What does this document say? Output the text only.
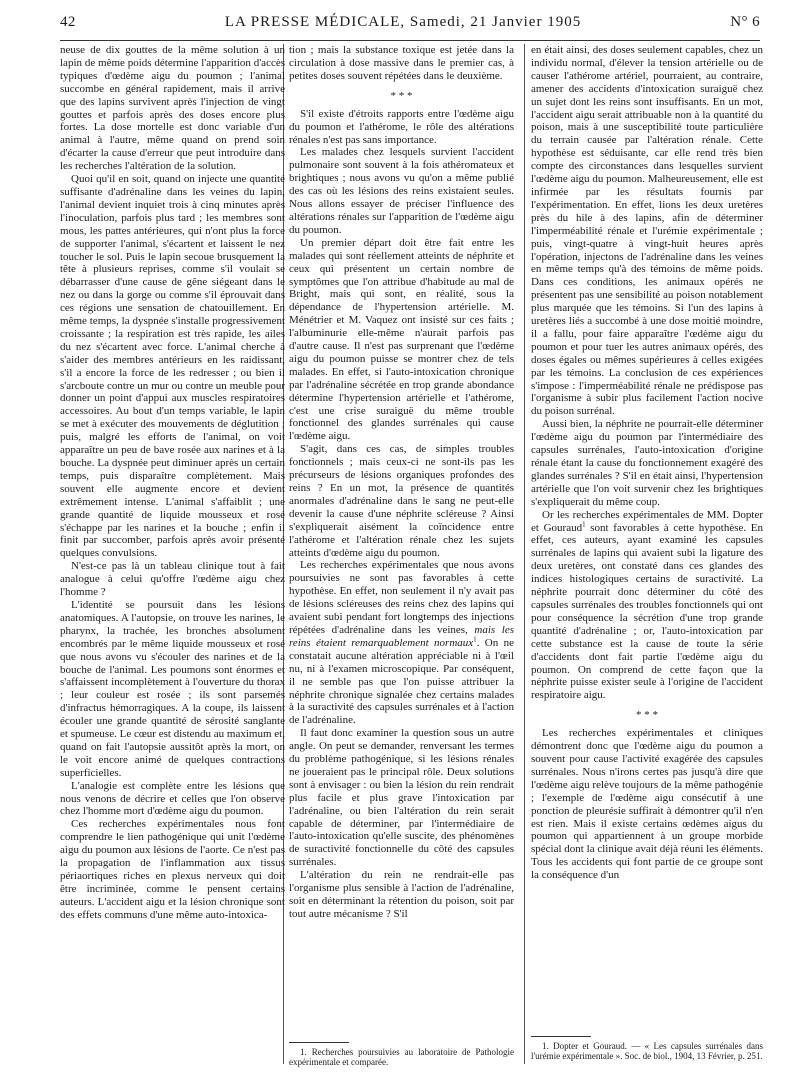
42	LA PRESSE MÉDICALE, Samedi, 21 Janvier 1905	N° 6

neuse de dix gouttes de la même solution à un lapin de même poids détermine l'apparition d'accès typiques d'œdème aigu du poumon ; l'animal succombe en général rapidement, mais il arrive que des lapins survivent après l'injection de vingt gouttes et parfois après des doses encore plus fortes. La dose mortelle est donc variable d'un animal à l'autre, même quand on prend soin d'écarter la cause d'erreur que peut introduire dans les recherches l'altération de la solution.

Quoi qu'il en soit, quand on injecte une quantité suffisante d'adrénaline dans les veines du lapin, l'animal devient inquiet trois à cinq minutes après l'inoculation, parfois plus tard ; les membres sont mous, les pattes antérieures, qui n'ont plus la force de supporter l'animal, s'écartent et laissent le nez toucher le sol. Puis le lapin secoue brusquement la tête à plusieurs reprises, comme s'il voulait se débarrasser d'une cause de gêne siégeant dans le nez ou dans la gorge ou comme s'il éprouvait dans ces régions une sensation de chatouillement. En même temps, la dyspnée s'installe progressivement croissante ; la respiration est très rapide, les ailes du nez s'écartent avec force. L'animal cherche à s'aider des membres antérieurs en les raidissant, s'il a encore la force de les redresser ; ou bien il s'arcboute contre un mur ou contre un meuble pour donner un point d'appui aux muscles respiratoires accessoires. Au bout d'un temps variable, le lapin se met à exécuter des mouvements de déglutition ; puis, malgré les efforts de l'animal, on voit apparaître un peu de bave rosée aux narines et à la bouche. La dyspnée peut diminuer après un certain temps, puis disparaître complètement. Mais souvent elle augmente encore et devient extrêmement intense. L'animal s'affaiblit ; une grande quantité de liquide mousseux et rosé s'échappe par les narines et la bouche ; enfin il finit par succomber, parfois après avoir présenté quelques convulsions.

N'est-ce pas là un tableau clinique tout à fait analogue à celui qu'offre l'œdème aigu chez l'homme ?

L'identité se poursuit dans les lésions anatomiques. A l'autopsie, on trouve les narines, le pharynx, la trachée, les bronches absolument encombrés par le même liquide mousseux et rosé que nous avons vu s'écouler des narines et de la bouche de l'animal. Les poumons sont énormes et s'affaissent incomplètement à l'ouverture du thorax ; leur couleur est rosée ; ils sont parsemés d'infractus hémorragiques. A la coupe, ils laissent écouler une grande quantité de sérosité sanglante et spumeuse. Le cœur est distendu au maximum et, quand on fait l'autopsie aussitôt après la mort, on le voit encore animé de quelques contractions superficielles.

L'analogie est complète entre les lésions que nous venons de décrire et celles que l'on observe chez l'homme mort d'œdème aigu du poumon.

Ces recherches expérimentales nous font comprendre le lien pathogénique qui unit l'œdème aigu du poumon aux lésions de l'aorte. Ce n'est pas la propagation de l'inflammation aux tissus périaortiques riches en plexus nerveux qui doit être incriminée, comme le pensent certains auteurs. L'accident aigu et la lésion chronique sont des effets communs d'une même auto-intoxica-

tion ; mais la substance toxique est jetée dans la circulation à dose massive dans le premier cas, à petites doses souvent répétées dans le deuxième.

* * *

S'il existe d'étroits rapports entre l'œdème aigu du poumon et l'athérome, le rôle des altérations rénales n'est pas sans importance.

Les malades chez lesquels survient l'accident pulmonaire sont souvent à la fois athéromateux et brightiques ; nous avons vu qu'on a même publié des cas où les lésions des reins existaient seules. Nous allons essayer de préciser l'influence des altérations rénales sur l'apparition de l'œdème aigu du poumon.

Un premier départ doit être fait entre les malades qui sont réellement atteints de néphrite et ceux qui présentent un certain nombre de symptômes que l'on attribue d'habitude au mal de Bright, mais qui sont, en réalité, sous la dépendance de l'hypertension artérielle. M. Ménétrier et M. Vaquez ont insisté sur ces faits ; l'albuminurie elle-même n'aurait parfois pas d'autre cause. Il n'est pas surprenant que l'œdème aigu du poumon puisse se montrer chez de tels malades. En effet, si l'auto-intoxication chronique par l'adrénaline sécrétée en trop grande abondance détermine l'hypertension artérielle et l'athérome, c'est une crise suraiguë du même trouble fonctionnel des glandes surrénales qui cause l'œdème aigu.

S'agit, dans ces cas, de simples troubles fonctionnels ; mais ceux-ci ne sont-ils pas les précurseurs de lésions organiques profondes des reins ? En un mot, la présence de quantités anormales d'adrénaline dans le sang ne peut-elle devenir la cause d'une néphrite scléreuse ? Ainsi s'expliquerait aisément la coïncidence entre l'athérome et l'altération rénale chez les sujets atteints d'œdème aigu du poumon.

Les recherches expérimentales que nous avons poursuivies ne sont pas favorables à cette hypothèse. En effet, non seulement il n'y avait pas de lésions scléreuses des reins chez des lapins qui avaient subi pendant fort longtemps des injections répétées d'adrénaline dans les veines, mais les reins étaient remarquablement normaux$^1$. On ne constatait aucune altération appréciable ni à l'œil nu, ni à l'examen microscopique. Par conséquent, il ne semble pas que l'on puisse attribuer la néphrite chronique signalée chez certains malades à la suractivité des capsules surrénales et à l'action de l'adrénaline.

Il faut donc examiner la question sous un autre angle. On peut se demander, renversant les termes du problème pathogénique, si les lésions rénales ne joueraient pas le principal rôle. Deux solutions sont à envisager : ou bien la lésion du rein rendrait plus facile et plus grave l'intoxication par l'adrénaline, ou bien l'altération du rein serait capable de déterminer, par l'intermédiaire de l'auto-intoxication qu'elle suscite, des phénomènes de suractivité fonctionnelle du côté des capsules surrénales.

L'altération du rein ne rendrait-elle pas l'organisme plus sensible à l'action de l'adrénaline, soit en déterminant la rétention du poison, soit par tout autre mécanisme ? S'il

1. Recherches poursuivies au laboratoire de Pathologie expérimentale et comparée.

en était ainsi, des doses seulement capables, chez un individu normal, d'élever la tension artérielle ou de causer l'athérome artériel, pourraient, au contraire, amener des accidents d'intoxication suraiguë chez un sujet dont les reins sont insuffisants. En un mot, l'accident aigu serait attribuable non à la quantité du poison, mais à une susceptibilité toute particulière du terrain causée par l'altération rénale. Cette hypothèse est séduisante, car elle rend très bien compte des circonstances dans lesquelles survient l'œdème aigu du poumon. Malheureusement, elle est infirmée par les résultats fournis par l'expérimentation. En effet, lions les deux uretères près du hile à des lapins, afin de déterminer l'imperméabilité rénale et l'urémie expérimentale ; puis, vingt-quatre à vingt-huit heures après l'opération, injectons de l'adrénaline dans les veines en même temps qu'à des témoins de même poids. Dans ces conditions, les animaux opérés ne présentent pas une sensibilité au poison notablement plus marquée que les témoins. Si l'un des lapins à uretères liés a succombé à une dose moitié moindre, il a fallu, pour faire apparaître l'œdème aigu du poumon et pour tuer les autres animaux opérés, des doses égales ou mêmes supérieures à celles exigées par les témoins. La conclusion de ces expériences s'impose : l'imperméabilité rénale ne prédispose pas l'organisme à subir plus facilement l'action nocive du poison surrénal.

Aussi bien, la néphrite ne pourrait-elle déterminer l'œdème aigu du poumon par l'intermédiaire des capsules surrénales, l'auto-intoxication d'origine rénale étant la cause du fonctionnement exagéré des glandes surrénales ? S'il en était ainsi, l'hypertension artérielle que l'on voit survenir chez les brightiques s'expliquerait du même coup.

Or les recherches expérimentales de MM. Dopter et Gouraud$^1$ sont favorables à cette hypothèse. En effet, ces auteurs, ayant examiné les capsules surrénales de lapins qui avaient subi la ligature des deux uretères, ont constaté dans ces glandes des indices histologiques certains de suractivité. La néphrite pourrait donc déterminer du côté des capsules surrénales des troubles fonctionnels qui ont pour conséquence la sécrétion d'une trop grande quantité d'adrénaline ; or, l'auto-intoxication par cette substance est la cause de toute la série d'accidents dont fait partie l'œdème aigu du poumon. On comprend de cette façon que la néphrite puisse exister seule à l'origine de l'accident respiratoire aigu.

* * *

Les recherches expérimentales et cliniques démontrent donc que l'œdème aigu du poumon a souvent pour cause l'activité exagérée des capsules surrénales. Nous n'irons certes pas jusqu'à dire que l'œdème aigu relève toujours de la même pathogénie ; l'exemple de l'œdème aigu consécutif à une ponction de pleurésie suffirait à démontrer qu'il n'en est rien. Mais il existe certains œdèmes aigus du poumon qui appartiennent à un groupe morbide spécial dont la clinique avait déjà réuni les éléments. Tous les accidents qui font partie de ce groupe sont la conséquence d'un

1. Dopter et Gouraud. — « Les capsules surrénales dans l'urémie expérimentale ». Soc. de biol., 1904, 13 Février, p. 251.
